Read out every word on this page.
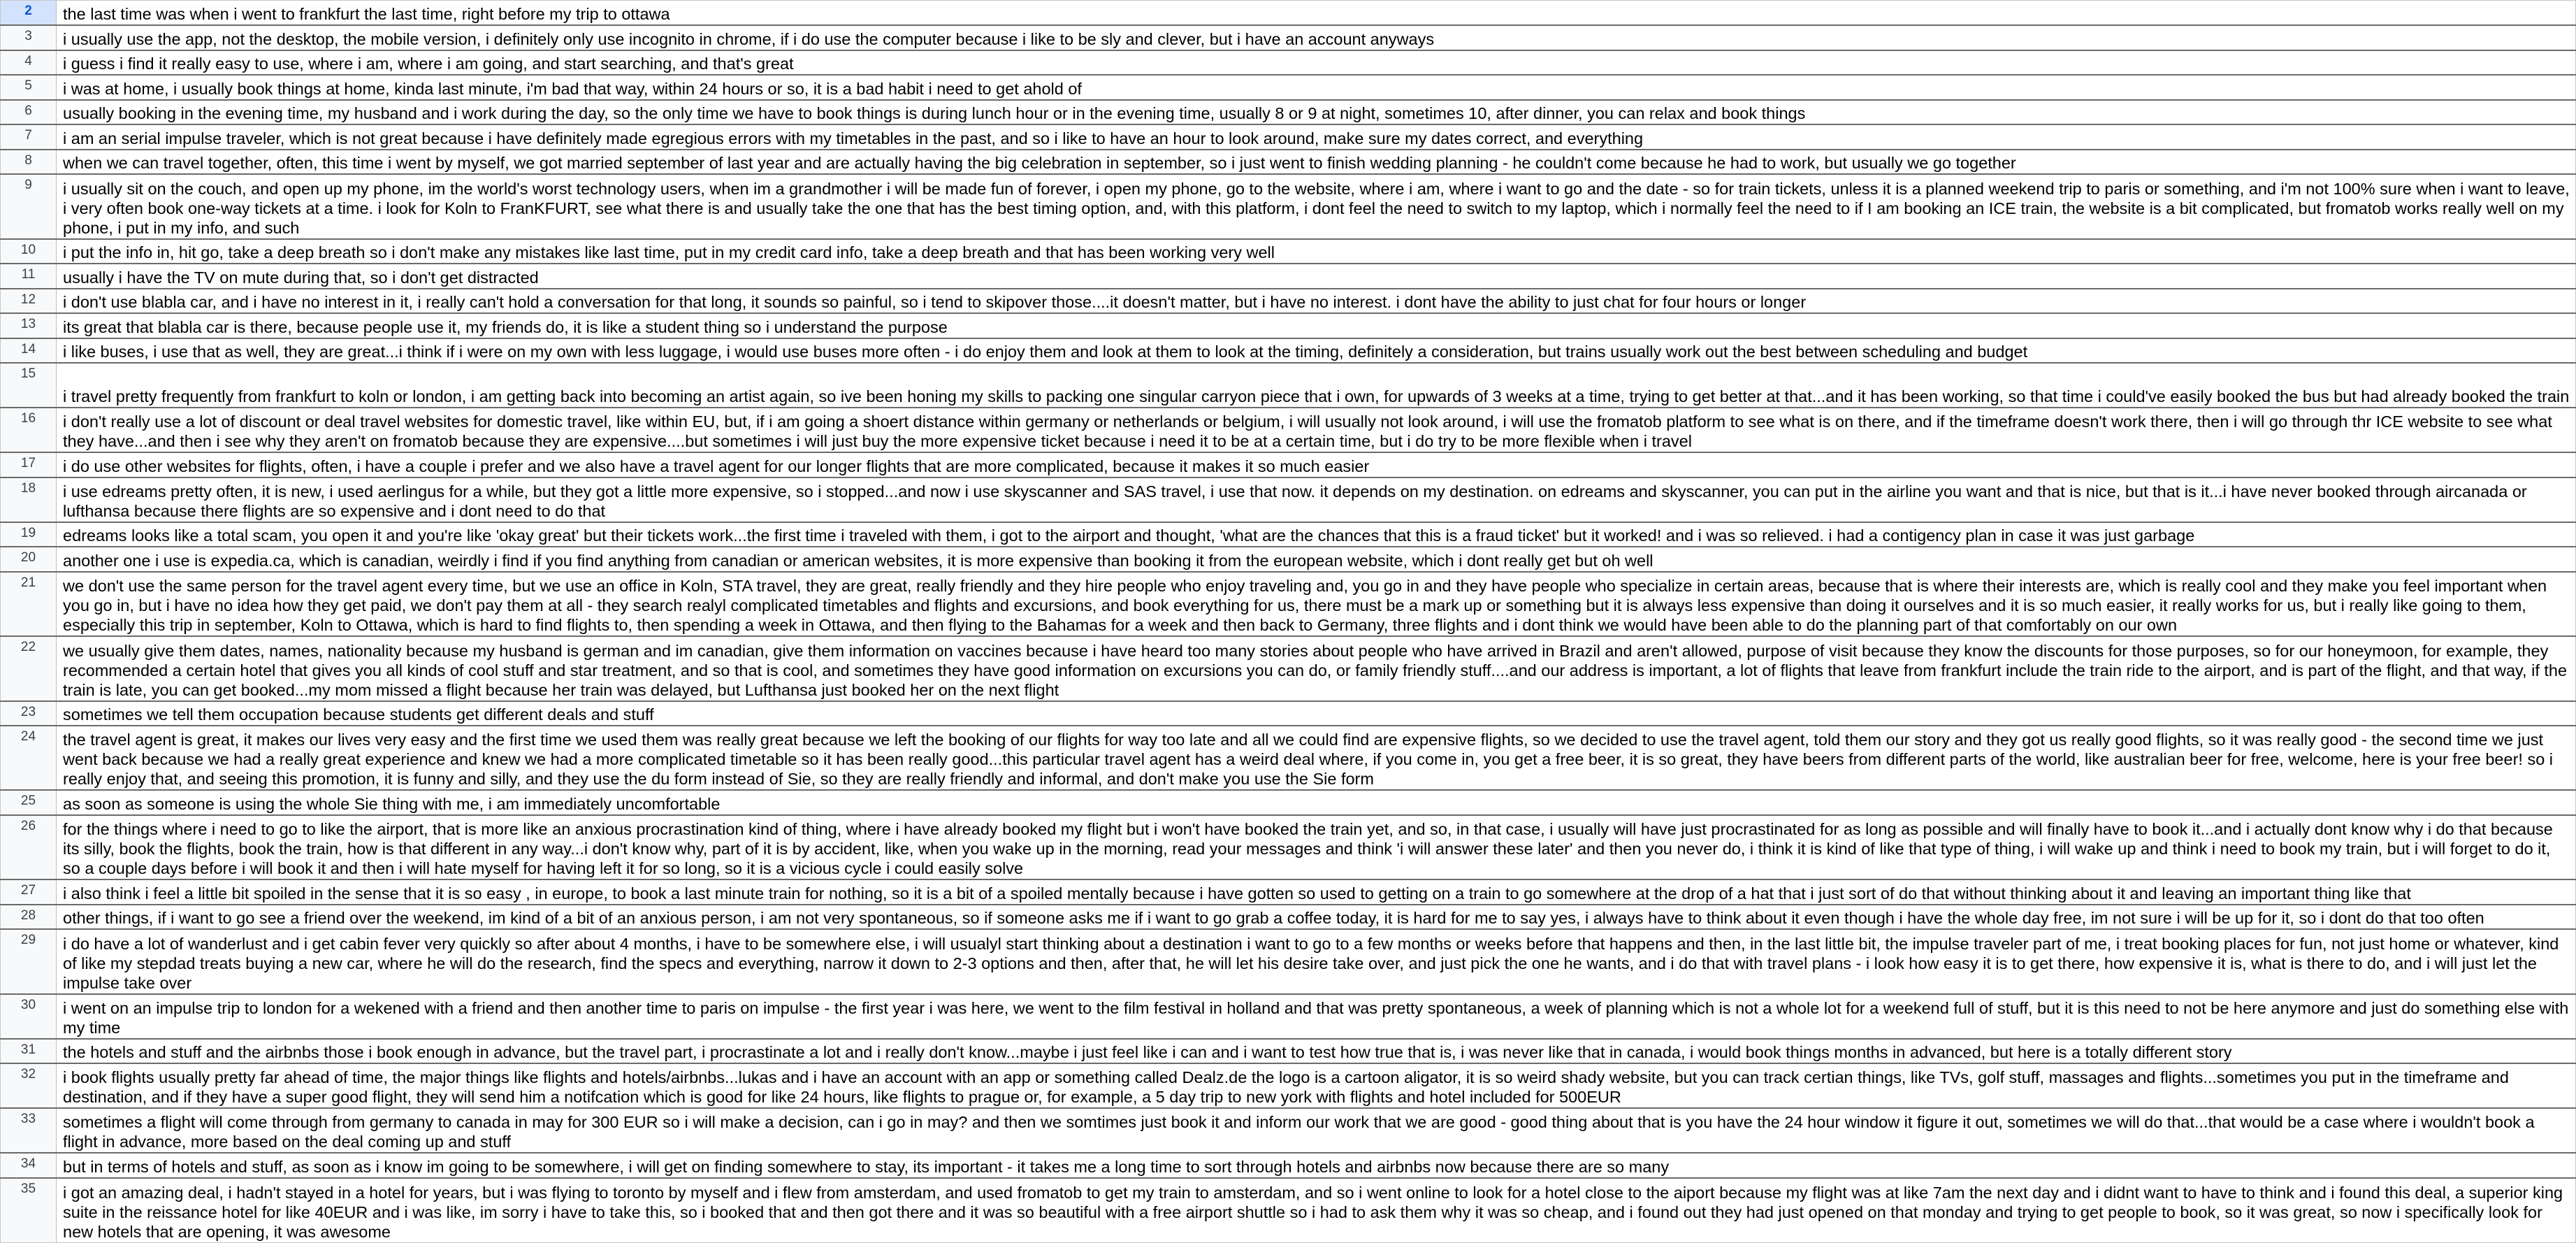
2	the last time was when i went to frankfurt the last time, right before my trip to ottawa
3	i usually use the app, not the desktop, the mobile version, i definitely only use incognito in chrome, if i do use the computer because i like to be sly and clever, but i have an account anyways
4	i guess i find it really easy to use, where i am, where i am going, and start searching, and that's great
5	i was at home, i usually book things at home, kinda last minute, i'm bad that way, within 24 hours or so, it is a bad habit i need to get ahold of
6	usually booking in the evening time, my husband and i work during the day, so the only time we have to book things is during lunch hour or in the evening time, usually 8 or 9 at night, sometimes 10, after dinner, you can relax and book things
7	i am an serial impulse traveler, which is not great because i have definitely made egregious errors with my timetables in the past, and so i like to have an hour to look around, make sure my dates correct, and everything
8	when we can travel together, often, this time i went by myself, we got married september of last year and are actually having the big celebration in september, so i just went to finish wedding planning - he couldn't come because he had to work, but usually we go together
9	i usually sit on the couch, and open up my phone, im the world's worst technology users, when im a grandmother i will be made fun of forever, i open my phone, go to the website, where i am, where i want to go and the date - so for train tickets, unless it is a planned weekend trip to paris or something, and i'm not 100% sure when i want to leave, i very often book one-way tickets at a time. i look for Koln to FranKFURT, see what there is and usually take the one that has the best timing option, and, with this platform, i dont feel the need to switch to my laptop, which i normally feel the need to if I am booking an ICE train, the website is a bit complicated, but fromatob works really well on my phone, i put in my info, and such
10	i put the info in, hit go, take a deep breath so i don't make any mistakes like last time, put in my credit card info, take a deep breath and that has been working very well
11	usually i have the TV on mute during that, so i don't get distracted
12	i don't use blabla car, and i have no interest in it, i really can't hold a conversation for that long, it sounds so painful, so i tend to skipover those....it doesn't matter, but i have no interest. i dont have the ability to just chat for four hours or longer
13	its great that blabla car is there, because people use it, my friends do, it is like a student thing so i understand the purpose
14	i like buses, i use that as well, they are great...i think if i were on my own with less luggage, i would use buses more often - i do enjoy them and look at them to look at the timing, definitely a consideration, but trains usually work out the best between scheduling and budget
15	i travel pretty frequently from frankfurt to koln or london, i am getting back into becoming an artist again, so ive been honing my skills to packing one singular carryon piece that i own, for upwards of 3 weeks at a time, trying to get better at that...and it has been working, so that time i could've easily booked the bus but had already booked the train
16	i don't really use a lot of discount or deal travel websites for domestic travel, like within EU, but, if i am going a shoert distance within germany or netherlands or belgium, i will usually not look around, i will use the fromatob platform to see what is on there, and if the timeframe doesn't work there, then i will go through thr ICE website to see what they have...and then i see why they aren't on fromatob because they are expensive....but sometimes i will just buy the more expensive ticket because i need it to be at a certain time, but i do try to be more flexible when i travel
17	i do use other websites for flights, often, i have a couple i prefer and we also have a travel agent for our longer flights that are more complicated, because it makes it so much easier
18	i use edreams pretty often, it is new, i used aerlingus for a while, but they got a little more expensive, so i stopped...and now i use skyscanner and SAS travel, i use that now. it depends on my destination. on edreams and skyscanner, you can put in the airline you want and that is nice, but that is it...i have never booked through aircanada or lufthansa because there flights are so expensive and i dont need to do that
19	edreams looks like a total scam, you open it and you're like 'okay great' but their tickets work...the first time i traveled with them, i got to the airport and thought, 'what are the chances that this is a fraud ticket' but it worked! and i was so relieved. i had a contigency plan in case it was just garbage
20	another one i use is expedia.ca, which is canadian, weirdly i find if you find anything from canadian or american websites, it is more expensive than booking it from the european website, which i dont really get but oh well
21	we don't use the same person for the travel agent every time, but we use an office in Koln, STA travel, they are great, really friendly and they hire people who enjoy traveling and, you go in and they have people who specialize in certain areas, because that is where their interests are, which is really cool and they make you feel important when you go in, but i have no idea how they get paid, we don't pay them at all - they search realyl complicated timetables and flights and excursions, and book everything for us, there must be a mark up or something but it is always less expensive than doing it ourselves and it is so much easier, it really works for us, but i really like going to them, especially this trip in september, Koln to Ottawa, which is hard to find flights to, then spending a week in Ottawa, and then flying to the Bahamas for a week and then back to Germany, three flights and i dont think we would have been able to do the planning part of that comfortably on our own
22	we usually give them dates, names, nationality because my husband is german and im canadian, give them information on vaccines because i have heard too many stories about people who have arrived in Brazil and aren't allowed, purpose of visit because they know the discounts for those purposes, so for our honeymoon, for example, they recommended a certain hotel that gives you all kinds of cool stuff and star treatment, and so that is cool, and sometimes they have good information on excursions you can do, or family friendly stuff....and our address is important, a lot of flights that leave from frankfurt include the train ride to the airport, and is part of the flight, and that way, if the train is late, you can get booked...my mom missed a flight because her train was delayed, but Lufthansa just booked her on the next flight
23	sometimes we tell them occupation because students get different deals and stuff
24	the travel agent is great, it makes our lives very easy and the first time we used them was really great because we left the booking of our flights for way too late and all we could find are expensive flights, so we decided to use the travel agent, told them our story and they got us really good flights, so it was really good - the second time we just went back because we had a really great experience and knew we had a more complicated timetable so it has been really good...this particular travel agent has a weird deal where, if you come in, you get a free beer, it is so great, they have beers from different parts of the world, like australian beer for free, welcome, here is your free beer! so i really enjoy that, and seeing this promotion, it is funny and silly, and they use the du form instead of Sie, so they are really friendly and informal, and don't make you use the Sie form
25	as soon as someone is using the whole Sie thing with me, i am immediately uncomfortable
26	for the things where i need to go to like the airport, that is more like an anxious procrastination kind of thing, where i have already booked my flight but i won't have booked the train yet, and so, in that case, i usually will have just procrastinated for as long as possible and will finally have to book it...and i actually dont know why i do that because its silly, book the flights, book the train, how is that different in any way...i don't know why, part of it is by accident, like, when you wake up in the morning, read your messages and think 'i will answer these later' and then you never do, i think it is kind of like that type of thing, i will wake up and think i need to book my train, but i will forget to do it, so a couple days before i will book it and then i will hate myself for having left it for so long, so it is a vicious cycle i could easily solve
27	i also think i feel a little bit spoiled in the sense that it is so easy , in europe, to book a last minute train for nothing, so it is a bit of a spoiled mentally because i have gotten so used to getting on a train to go somewhere at the drop of a hat that i just sort of do that without thinking about it and leaving an important thing like that
28	other things, if i want to go see a friend over the weekend, im kind of a bit of an anxious person, i am not very spontaneous, so if someone asks me if i want to go grab a coffee today, it is hard for me to say yes, i always have to think about it even though i have the whole day free, im not sure i will be up for it, so i dont do that too often
29	i do have a lot of wanderlust and i get cabin fever very quickly so after about 4 months, i have to be somewhere else, i will usualyl start thinking about a destination i want to go to a few months or weeks before that happens and then, in the last little bit, the impulse traveler part of me, i treat booking places for fun, not just home or whatever, kind of like my stepdad treats buying a new car, where he will do the research, find the specs and everything, narrow it down to 2-3 options and then, after that, he will let his desire take over, and just pick the one he wants, and i do that with travel plans - i look how easy it is to get there, how expensive it is, what is there to do, and i will just let the impulse take over
30	i went on an impulse trip to london for a wekened with a friend and then another time to paris on impulse - the first year i was here, we went to the film festival in holland and that was pretty spontaneous, a week of planning which is not a whole lot for a weekend full of stuff, but it is this need to not be here anymore and just do something else with my time
31	the hotels and stuff and the airbnbs those i book enough in advance, but the travel part, i procrastinate a lot and i really don't know...maybe i just feel like i can and i want to test how true that is, i was never like that in canada, i would book things months in advanced, but here is a totally different story
32	i book flights usually pretty far ahead of time, the major things like flights and hotels/airbnbs...lukas and i have an account with an app or something called Dealz.de the logo is a cartoon aligator, it is so weird shady website, but you can track certian things, like TVs, golf stuff, massages and flights...sometimes you put in the timeframe and destination, and if they have a super good flight, they will send him a notifcation which is good for like 24 hours, like flights to prague or, for example, a 5 day trip to new york with flights and hotel included for 500EUR
33	sometimes a flight will come through from germany to canada in may for 300 EUR so i will make a decision, can i go in may? and then we somtimes just book it and inform our work that we are good - good thing about that is you have the 24 hour window it figure it out, sometimes we will do that...that would be a case where i wouldn't book a flight in advance, more based on the deal coming up and stuff
34	but in terms of hotels and stuff, as soon as i know im going to be somewhere, i will get on finding somewhere to stay, its important - it takes me a long time to sort through hotels and airbnbs now because there are so many
35	i got an amazing deal, i hadn't stayed in a hotel for years, but i was flying to toronto by myself and i flew from amsterdam, and used fromatob to get my train to amsterdam, and so i went online to look for a hotel close to the aiport because my flight was at like 7am the next day and i didnt want to have to think and i found this deal, a superior king suite in the reissance hotel for like 40EUR and i was like, im sorry i have to take this, so i booked that and then got there and it was so beautiful with a free airport shuttle so i had to ask them why it was so cheap, and i found out they had just opened on that monday and trying to get people to book, so it was great, so now i specifically look for new hotels that are opening, it was awesome
